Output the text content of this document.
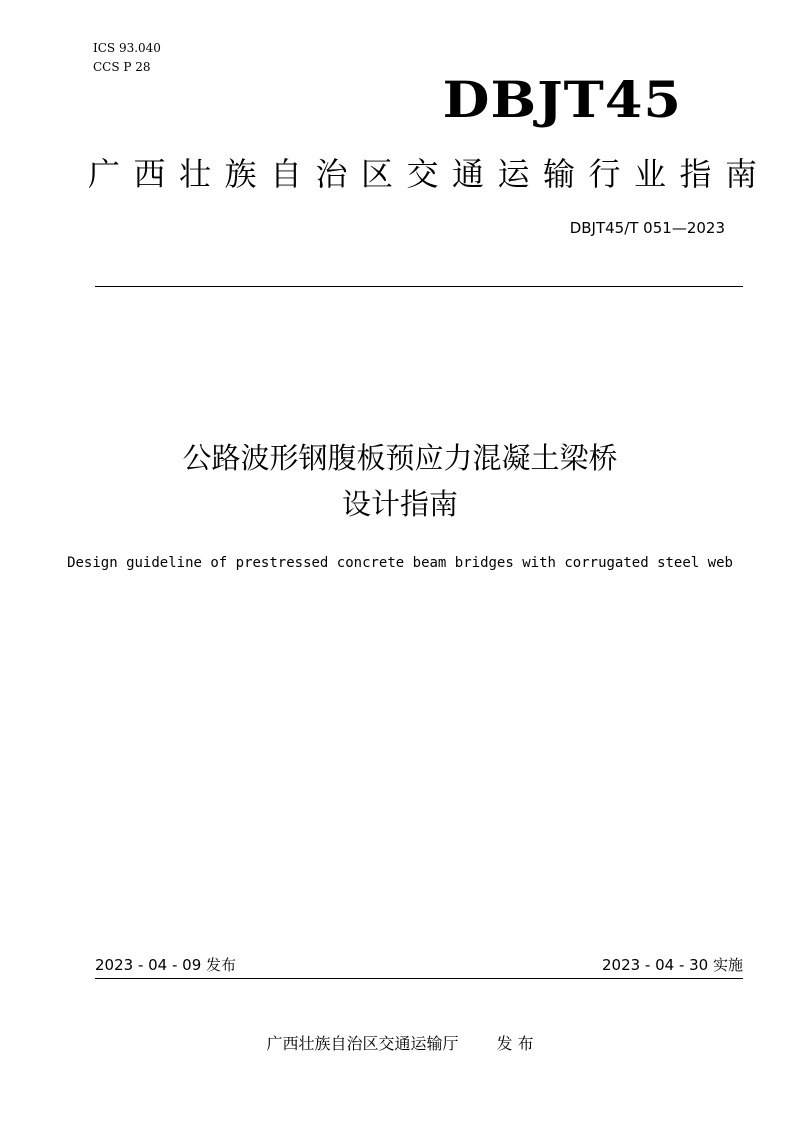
ICS 93.040
CCS P 28
DBJT45
广西壮族自治区交通运输行业指南
DBJT45/T 051—2023
公路波形钢腹板预应力混凝土梁桥
设计指南
Design guideline of prestressed concrete beam bridges with corrugated steel web
2023 - 04 - 09 发布	2023 - 04 - 30 实施
广西壮族自治区交通运输厅 发 布
